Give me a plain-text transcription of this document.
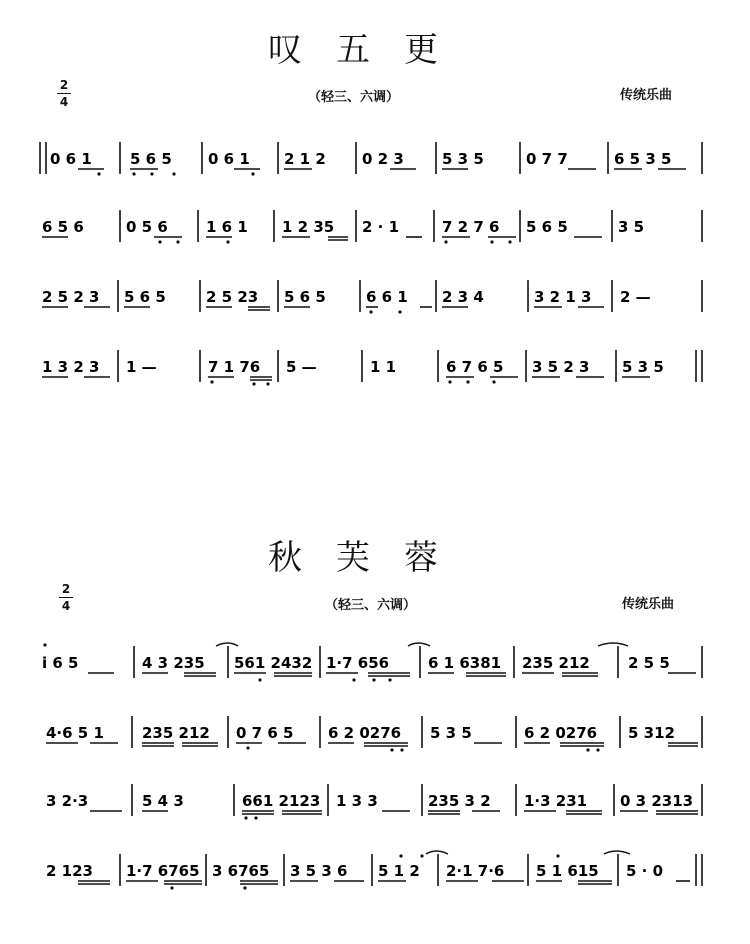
叹五更
2
4	（轻三、六调）	传统乐曲
0 6 1	5 6 5 0 6 1 2 1 2 0 2 3	5 3 5	0 7 7	6 5 3 5
6 5 6	0 5 6	1 6 1 1 2 35 2 · 1	7 2 7 6 5 6 5	3 5
2 5 2 3 5 6 5	2 5 23 5 6 5	6 6 1 2 3 4	3 2 1 3 2 —
1 3 2 3 1 —	7 1 76 5 —	1 1	6 7 6 5 3 5 2 3 5 3 5
秋芙蓉
2
4	（轻三、六调）	传统乐曲
i 6 5	4 3 235 561 2432 1·7 656	6 1 6381 235 212	2 5 5
4·6 5 1	235 212 0 7 6 5 6 2 0276 5 3 5	6 2 0276 5 312
3 2·3	5 4 3	661 2123 1 3 3	235 3 2 1·3 231 0 3 2313
2 123 1·7 6765 3 6765 3 5 3 6 5 1 2 2·1 7·6 5 1 615 5 · 0
